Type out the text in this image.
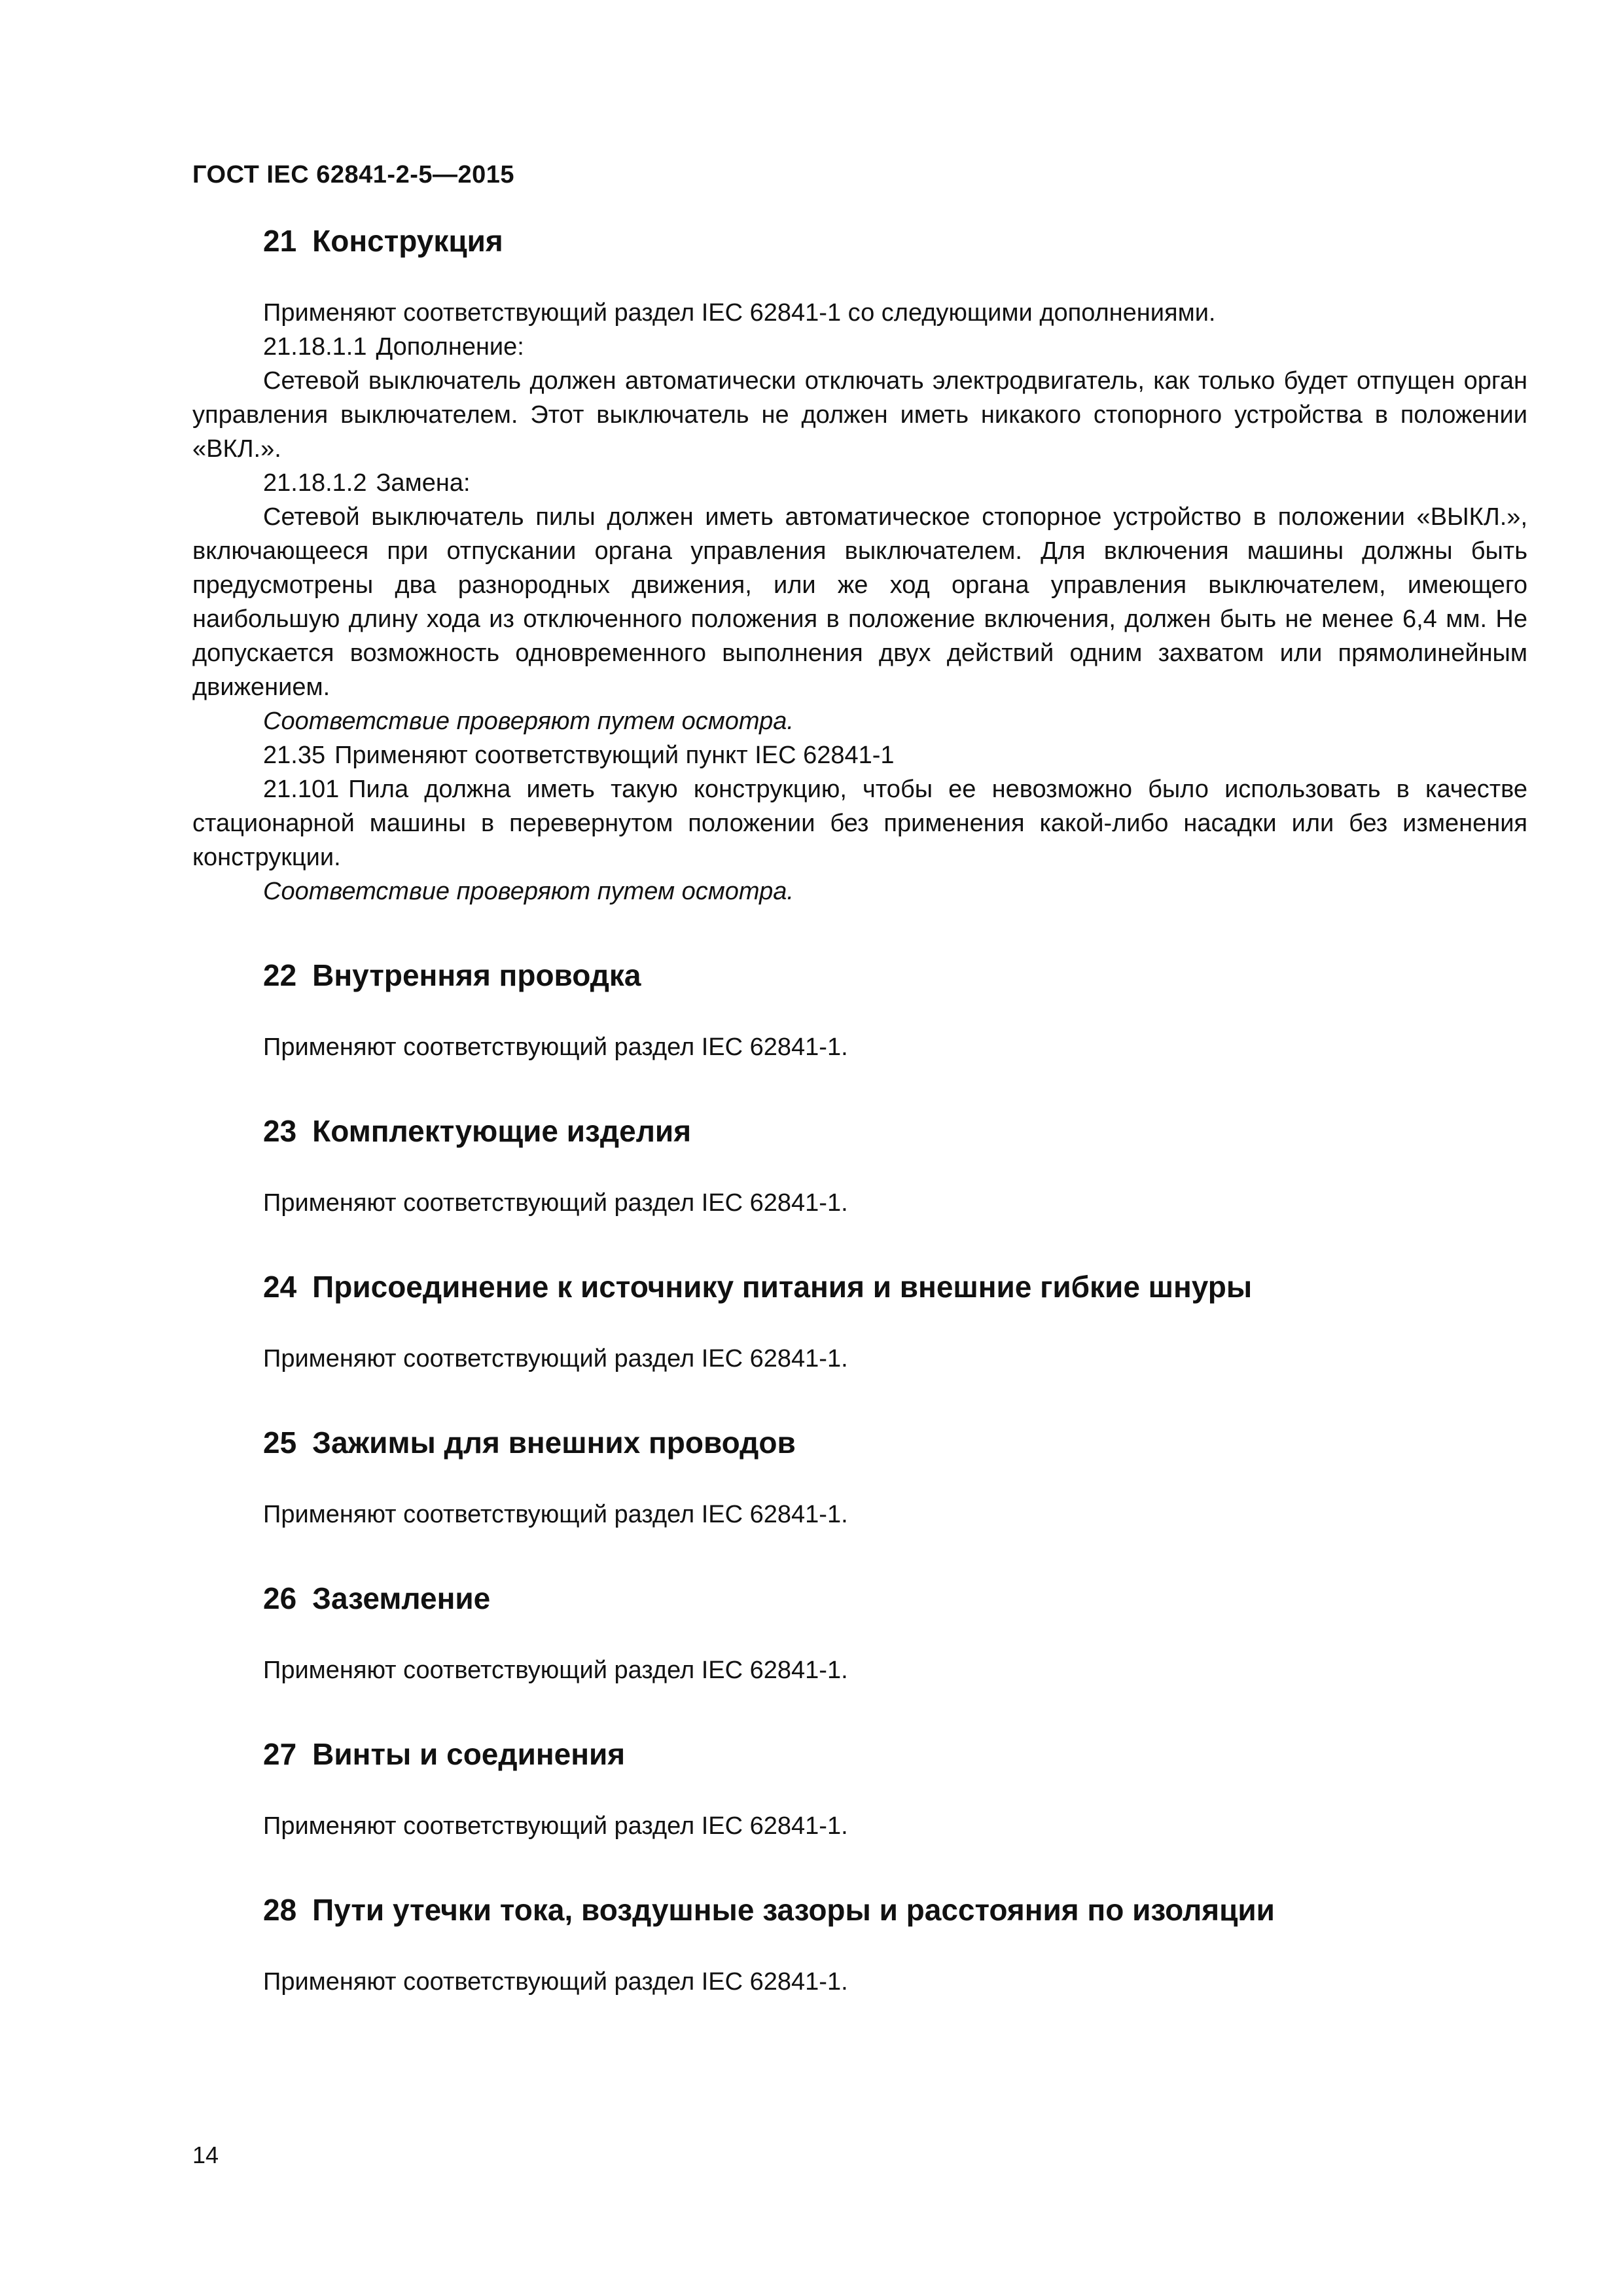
ГОСТ IEC 62841-2-5—2015
21 Конструкция

Применяют соответствующий раздел IEC 62841-1 со следующими дополнениями.

21.18.1.1 Дополнение:

Сетевой выключатель должен автоматически отключать электродвигатель, как только будет отпущен орган управления выключателем. Этот выключатель не должен иметь никакого стопорного устройства в положении «ВКЛ.».

21.18.1.2 Замена:

Сетевой выключатель пилы должен иметь автоматическое стопорное устройство в положении «ВЫКЛ.», включающееся при отпускании органа управления выключателем. Для включения машины должны быть предусмотрены два разнородных движения, или же ход органа управления выключателем, имеющего наибольшую длину хода из отключенного положения в положение включения, должен быть не менее 6,4 мм. Не допускается возможность одновременного выполнения двух действий одним захватом или прямолинейным движением.

Соответствие проверяют путем осмотра.

21.35 Применяют соответствующий пункт IEC 62841-1

21.101 Пила должна иметь такую конструкцию, чтобы ее невозможно было использовать в качестве стационарной машины в перевернутом положении без применения какой-либо насадки или без изменения конструкции.

Соответствие проверяют путем осмотра.

22 Внутренняя проводка

Применяют соответствующий раздел IEC 62841-1.

23 Комплектующие изделия

Применяют соответствующий раздел IEC 62841-1.

24 Присоединение к источнику питания и внешние гибкие шнуры

Применяют соответствующий раздел IEC 62841-1.

25 Зажимы для внешних проводов

Применяют соответствующий раздел IEC 62841-1.

26 Заземление

Применяют соответствующий раздел IEC 62841-1.

27 Винты и соединения

Применяют соответствующий раздел IEC 62841-1.

28 Пути утечки тока, воздушные зазоры и расстояния по изоляции

Применяют соответствующий раздел IEC 62841-1.

14
